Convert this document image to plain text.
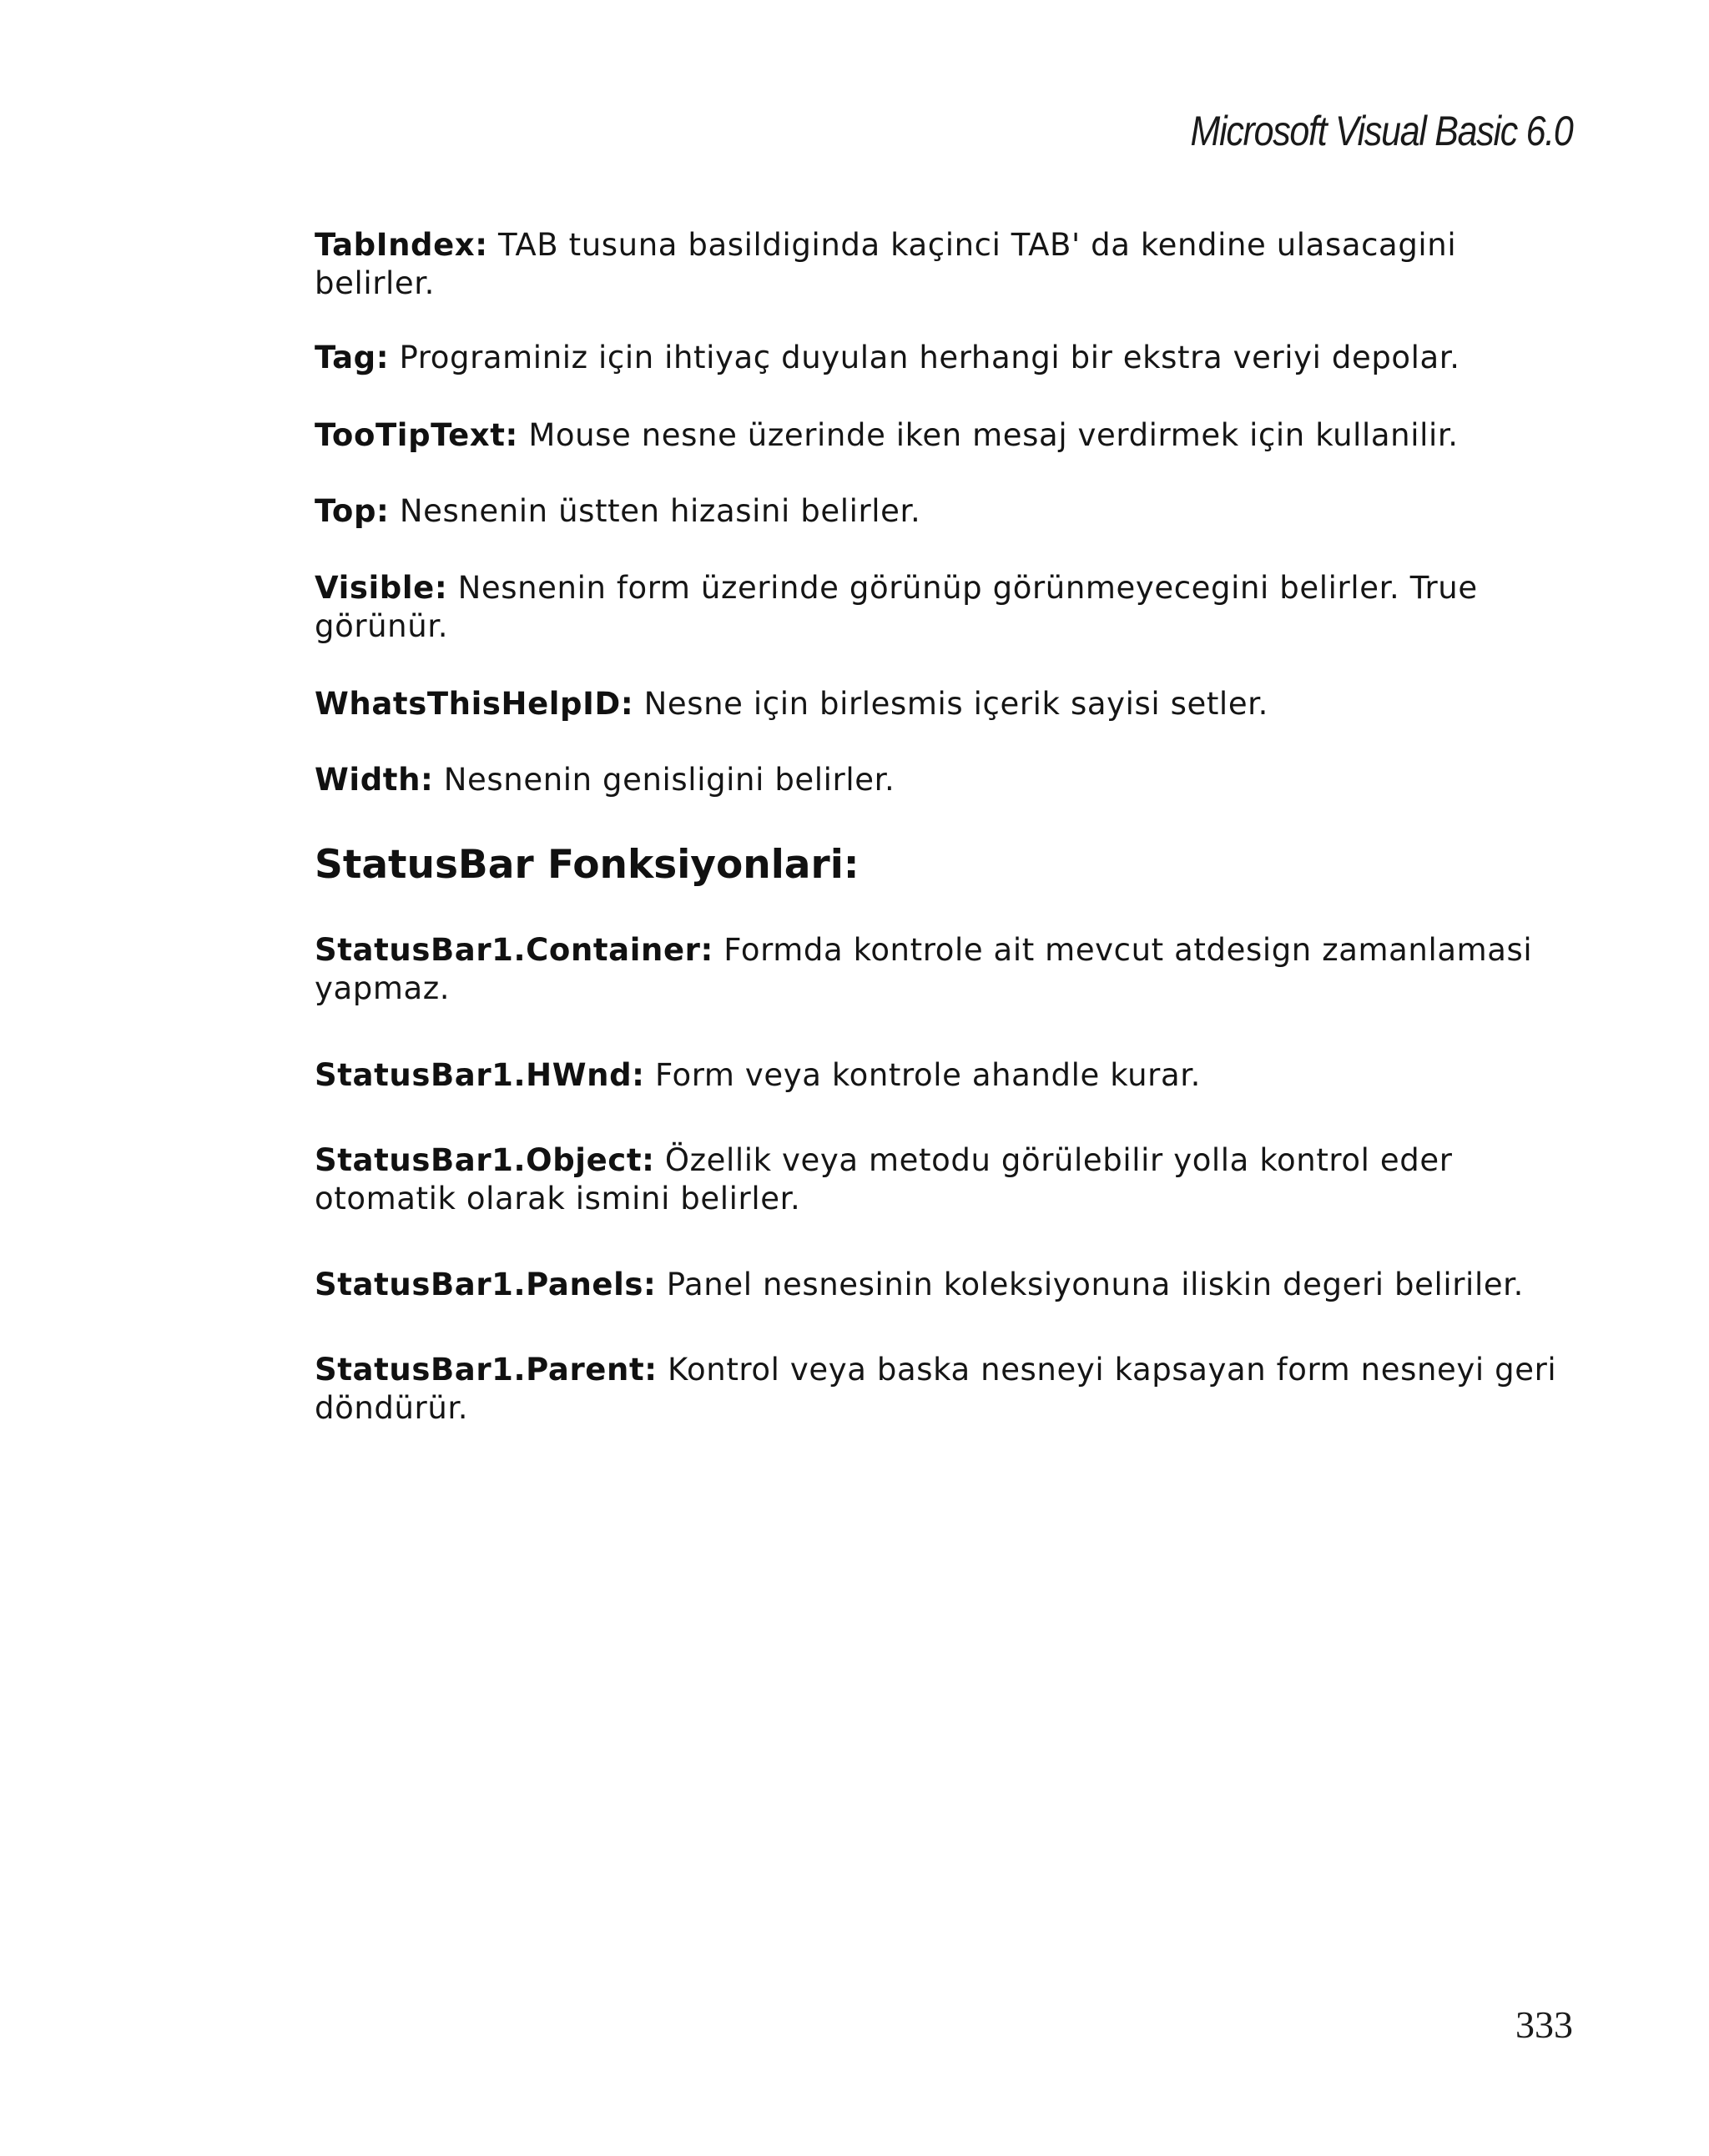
Microsoft Visual Basic 6.0

TabIndex: TAB tusuna basildiginda kaçinci TAB' da kendine ulasacagini belirler.

Tag: Programiniz için ihtiyaç duyulan herhangi bir ekstra veriyi depolar.

TooTipText: Mouse nesne üzerinde iken mesaj verdirmek için kullanilir.

Top: Nesnenin üstten hizasini belirler.

Visible: Nesnenin form üzerinde görünüp görünmeyecegini belirler. True görünür.

WhatsThisHelpID: Nesne için birlesmis içerik sayisi setler.

Width: Nesnenin genisligini belirler.

StatusBar Fonksiyonlari:

StatusBar1.Container: Formda kontrole ait mevcut atdesign zamanlamasi yapmaz.

StatusBar1.HWnd: Form veya kontrole ahandle kurar.

StatusBar1.Object: Özellik veya metodu görülebilir yolla kontrol eder otomatik olarak ismini belirler.

StatusBar1.Panels: Panel nesnesinin koleksiyonuna iliskin degeri beliriler.

StatusBar1.Parent: Kontrol veya baska nesneyi kapsayan form nesneyi geri döndürür.

333
